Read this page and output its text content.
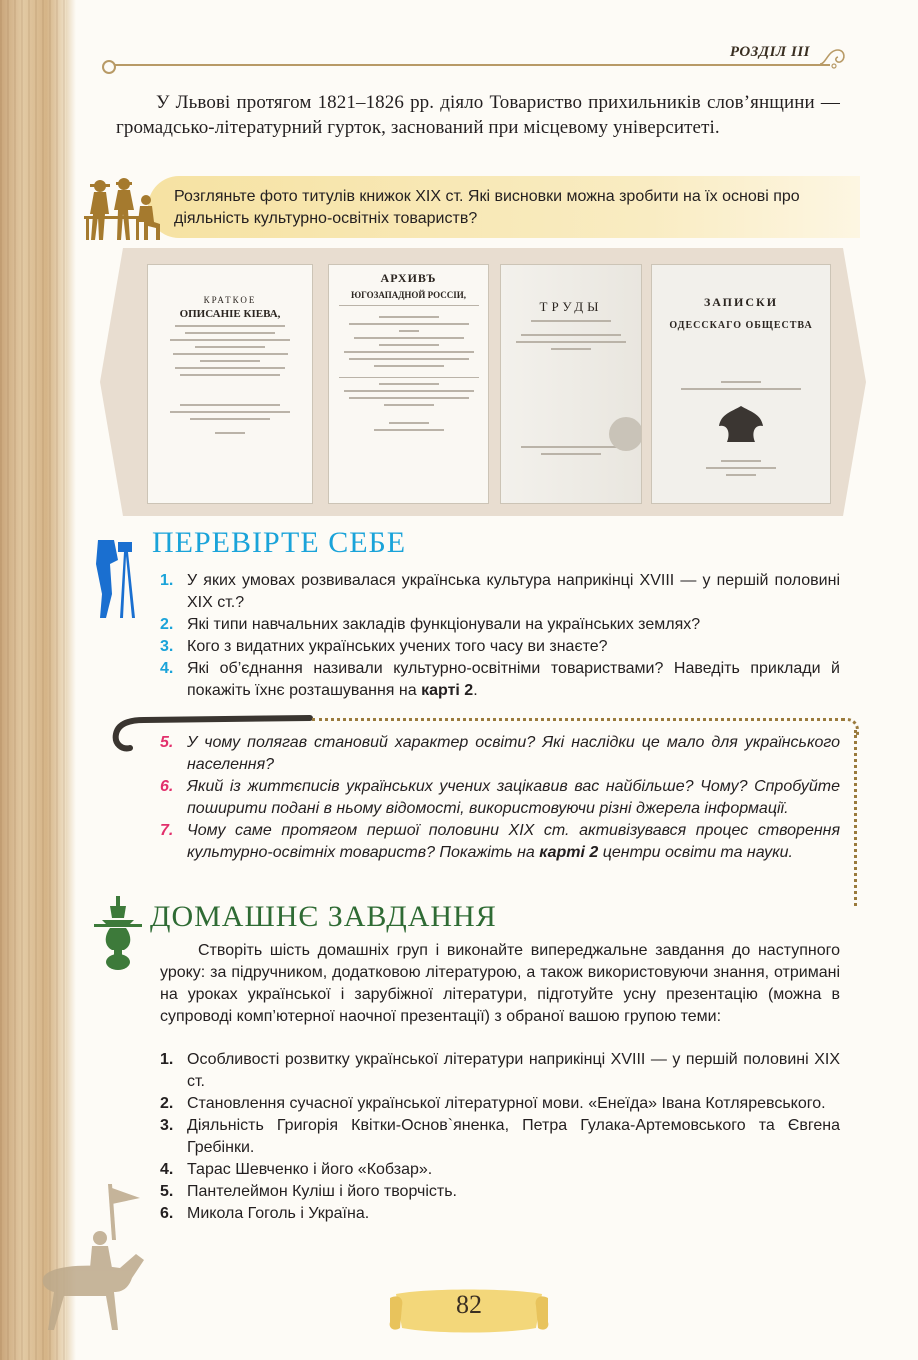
РОЗДІЛ ІІІ
У Львові протягом 1821–1826 рр. діяло Товариство прихильників слов’янщини — громадсько-літературний гурток, заснований при місцевому університеті.
Розгляньте фото титулів книжок XIX ст. Які висновки можна зробити на їх основі про діяльність культурно-освітніх товариств?
КРАТКОЕ
ОПИСАНІЕ КІЕВА,
АРХИВЪ
ЮГОЗАПАДНОЙ РОССІИ,
ТРУДЫ	ЗАПИСКИ
ОДЕССКАГО ОБЩЕСТВА
ПЕРЕВІРТЕ СЕБЕ
1. У яких умовах розвивалася українська культура наприкінці XVIII — у першій половині XIX ст.?
2. Які типи навчальних закладів функціонували на українських землях?
3. Кого з видатних українських учених того часу ви знаєте?
4. Які об’єднання називали культурно-освітніми товариствами? Наведіть приклади й покажіть їхнє розташування на карті 2.
5. У чому полягав становий характер освіти? Які наслідки це мало для українського населення?
6. Який із життєписів українських учених зацікавив вас найбільше? Чому? Спробуйте поширити подані в ньому відомості, використовуючи різні джерела інформації.
7. Чому саме протягом першої половини XIX ст. активізувався процес створення культурно-освітніх товариств? Покажіть на карті 2 центри освіти та науки.
ДОМАШНЄ ЗАВДАННЯ
Створіть шість домашніх груп і виконайте випереджальне завдання до наступного уроку: за підручником, додатковою літературою, а також використовуючи знання, отримані на уроках української і зарубіжної літератури, підготуйте усну презентацію (можна в супроводі комп’ютерної наочної презентації) з обраної вашою групою теми:
1. Особливості розвитку української літератури наприкінці XVIII — у першій половині XIX ст.
2. Становлення сучасної української літературної мови. «Енеїда» Івана Котляревського.
3. Діяльність Григорія Квітки-Основ`яненка, Петра Гулака-Артемовського та Євгена Гребінки.
4. Тарас Шевченко і його «Кобзар».
5. Пантелеймон Куліш і його творчість.
6. Микола Гоголь і Україна.
82
